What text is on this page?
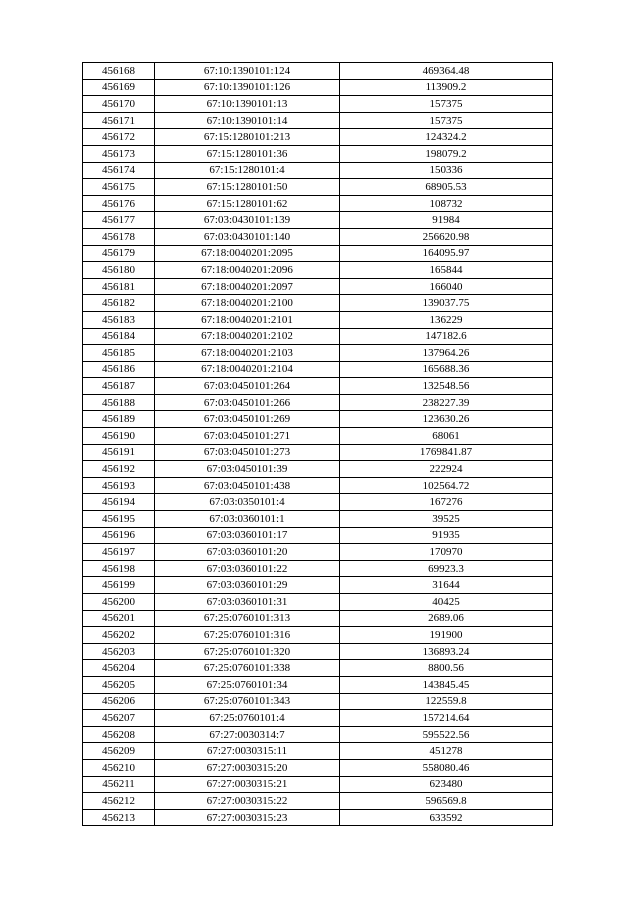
456168	67:10:1390101:124	469364.48
456169	67:10:1390101:126	113909.2
456170	67:10:1390101:13	157375
456171	67:10:1390101:14	157375
456172	67:15:1280101:213	124324.2
456173	67:15:1280101:36	198079.2
456174	67:15:1280101:4	150336
456175	67:15:1280101:50	68905.53
456176	67:15:1280101:62	108732
456177	67:03:0430101:139	91984
456178	67:03:0430101:140	256620.98
456179	67:18:0040201:2095	164095.97
456180	67:18:0040201:2096	165844
456181	67:18:0040201:2097	166040
456182	67:18:0040201:2100	139037.75
456183	67:18:0040201:2101	136229
456184	67:18:0040201:2102	147182.6
456185	67:18:0040201:2103	137964.26
456186	67:18:0040201:2104	165688.36
456187	67:03:0450101:264	132548.56
456188	67:03:0450101:266	238227.39
456189	67:03:0450101:269	123630.26
456190	67:03:0450101:271	68061
456191	67:03:0450101:273	1769841.87
456192	67:03:0450101:39	222924
456193	67:03:0450101:438	102564.72
456194	67:03:0350101:4	167276
456195	67:03:0360101:1	39525
456196	67:03:0360101:17	91935
456197	67:03:0360101:20	170970
456198	67:03:0360101:22	69923.3
456199	67:03:0360101:29	31644
456200	67:03:0360101:31	40425
456201	67:25:0760101:313	2689.06
456202	67:25:0760101:316	191900
456203	67:25:0760101:320	136893.24
456204	67:25:0760101:338	8800.56
456205	67:25:0760101:34	143845.45
456206	67:25:0760101:343	122559.8
456207	67:25:0760101:4	157214.64
456208	67:27:0030314:7	595522.56
456209	67:27:0030315:11	451278
456210	67:27:0030315:20	558080.46
456211	67:27:0030315:21	623480
456212	67:27:0030315:22	596569.8
456213	67:27:0030315:23	633592
